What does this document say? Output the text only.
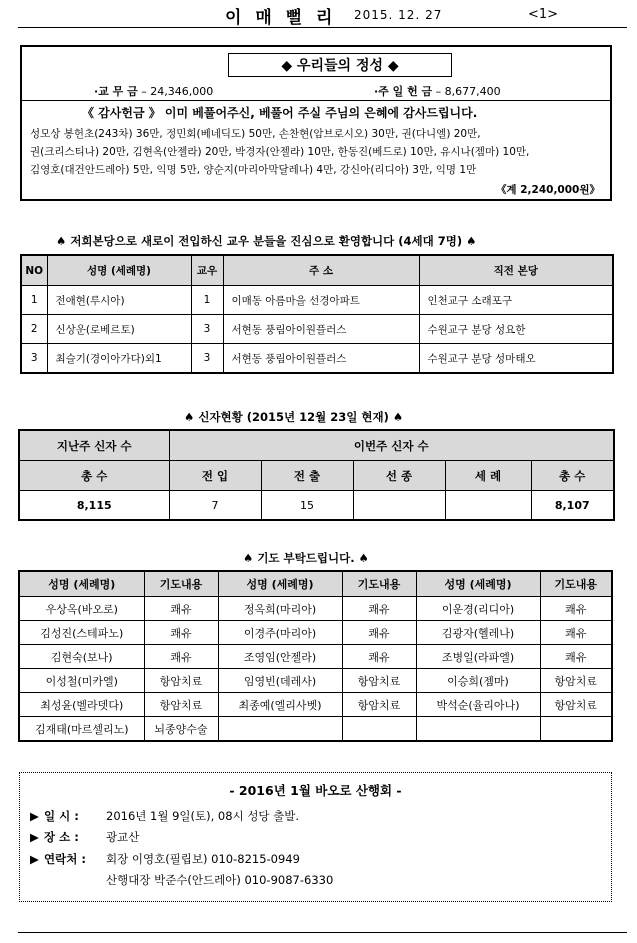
이 매 뻘 리 2015. 12. 27	<1>
◆ 우리들의 정성 ◆
·교 무 금 – 24,346,000	·주 일 헌 금 – 8,677,400
《 감사헌금 》 이미 베풀어주신, 베풀어 주실 주님의 은혜에 감사드립니다.
성모상 봉헌초(243차) 36만, 정민회(베네딕도) 50만, 손찬현(암브로시오) 30만, 권(다니엘) 20만,
권(크리스티나) 20만, 김현옥(안젤라) 20만, 박경자(안젤라) 10만, 한동진(베드로) 10만, 유시나(젬마) 10만,
김영호(대건안드레아) 5만, 익명 5만, 양순지(마리아막달레나) 4만, 강신아(리디아) 3만, 익명 1만
《계 2,240,000원》
♠ 저희본당으로 새로이 전입하신 교우 분들을 진심으로 환영합니다 (4세대 7명) ♠
NO	성명 (세례명)	교우	주 소	직전 본당
1	전애현(루시아)	1	이매동 아름마을 선경아파트	인천교구 소래포구
2	신상운(로베르토)	3	서현동 풍림아이원플러스	수원교구 분당 성요한
3	최슬기(경이아가다)외1	3	서현동 풍림아이원플러스	수원교구 분당 성마태오
♠ 신자현황 (2015년 12월 23일 현재) ♠
지난주 신자 수	이번주 신자 수				
총 수	전 입	전 출	선 종	세 례	총 수
8,115	7	15			8,107
♠ 기도 부탁드립니다. ♠
성명 (세례명)	기도내용	성명 (세례명)	기도내용	성명 (세례명)	기도내용
우상옥(바오로)	쾌유	정옥희(마리아)	쾌유	이운경(리디아)	쾌유
김성진(스테파노)	쾌유	이경주(마리아)	쾌유	김광자(헬레나)	쾌유
김현숙(보나)	쾌유	조영임(안젤라)	쾌유	조병일(라파엘)	쾌유
이성철(미카엘)	항암치료	임영빈(데레사)	항암치료	이승희(젬마)	항암치료
최성윤(벨라뎃다)	항암치료	최종예(엘리사벳)	항암치료	박석순(율리아나)	항암치료
김재태(마르셀리노)	뇌종양수술				
- 2016년 1월 바오로 산행회 -
▶ 일 시 : 2016년 1월 9일(토), 08시 성당 출발.
▶ 장 소 : 광교산
▶ 연락처 : 회장 이영호(필립보) 010-8215-0949
산행대장 박준수(안드레아) 010-9087-6330
